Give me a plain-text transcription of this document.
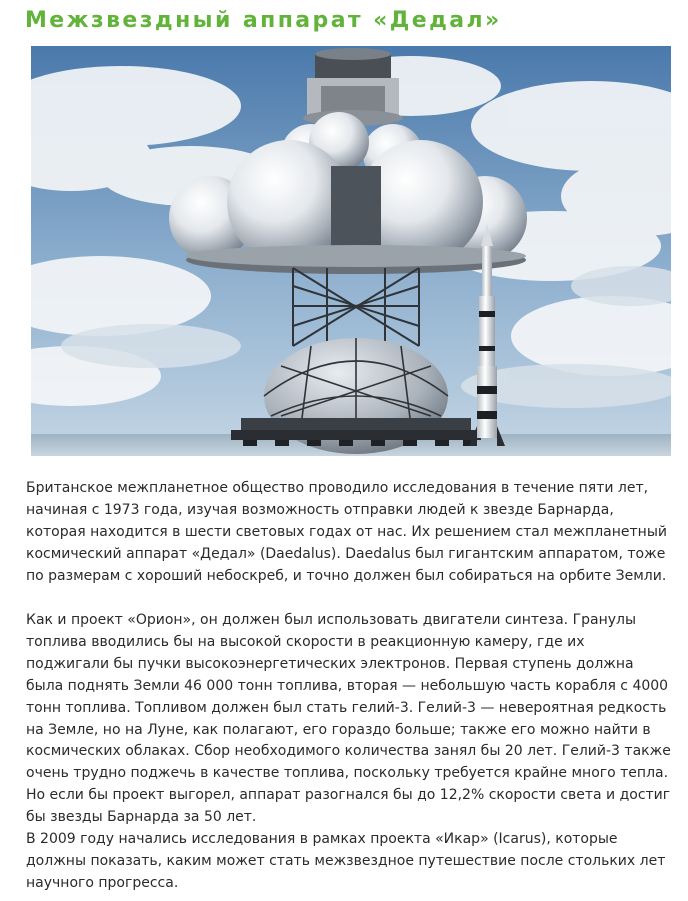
Межзвездный аппарат «Дедал»

Британское межпланетное общество проводило исследования в течение пяти лет, начиная с 1973 года, изучая возможность отправки людей к звезде Барнарда, которая находится в шести световых годах от нас. Их решением стал межпланетный космический аппарат «Дедал» (Daedalus). Daedalus был гигантским аппаратом, тоже по размерам с хороший небоскреб, и точно должен был собираться на орбите Земли.

Как и проект «Орион», он должен был использовать двигатели синтеза. Гранулы топлива вводились бы на высокой скорости в реакционную камеру, где их поджигали бы пучки высокоэнергетических электронов. Первая ступень должна была поднять Земли 46 000 тонн топлива, вторая — небольшую часть корабля с 4000 тонн топлива. Топливом должен был стать гелий-3. Гелий-3 — невероятная редкость на Земле, но на Луне, как полагают, его гораздо больше; также его можно найти в космических облаках. Сбор необходимого количества занял бы 20 лет. Гелий-3 также очень трудно поджечь в качестве топлива, поскольку требуется крайне много тепла. Но если бы проект выгорел, аппарат разогнался бы до 12,2% скорости света и достиг бы звезды Барнарда за 50 лет.

В 2009 году начались исследования в рамках проекта «Икар» (Icarus), которые должны показать, каким может стать межзвездное путешествие после стольких лет научного прогресса.
